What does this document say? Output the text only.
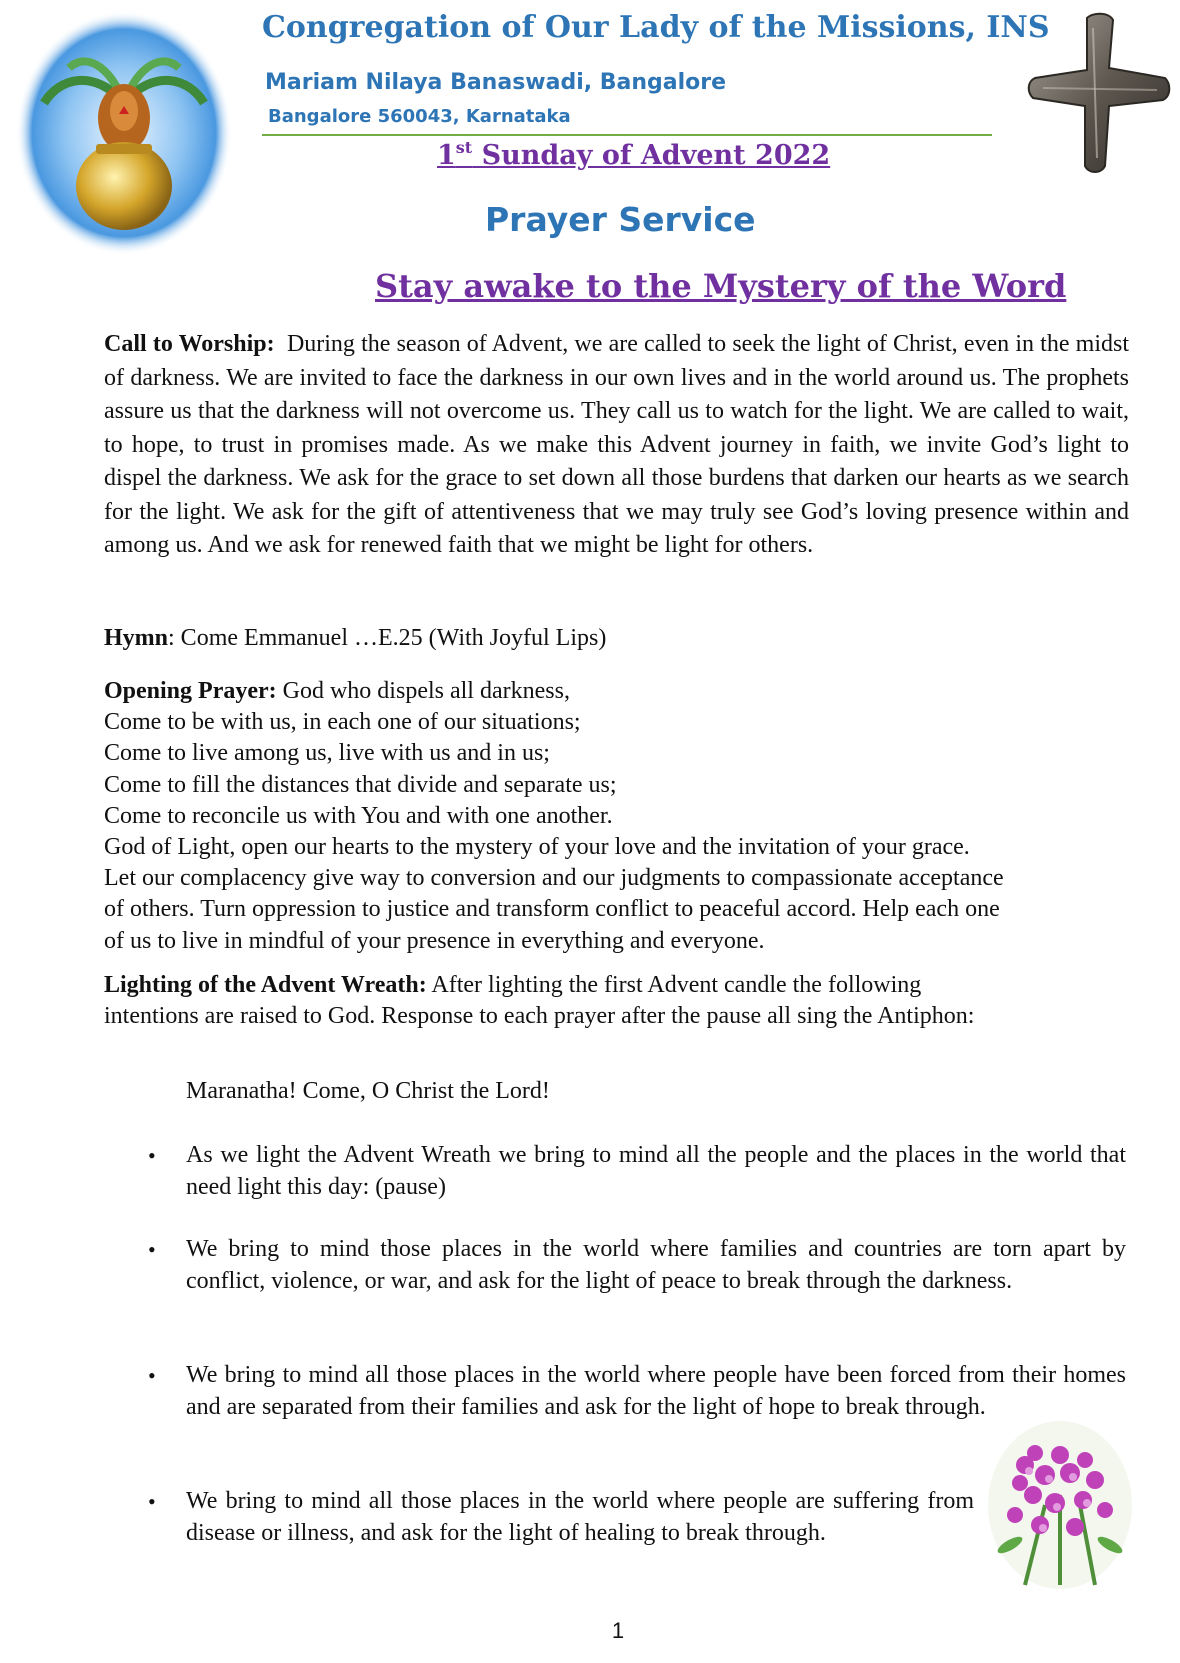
Congregation of Our Lady of the Missions, INS
Mariam Nilaya Banaswadi, Bangalore
Bangalore 560043, Karnataka
1st Sunday of Advent 2022
Prayer Service
Stay awake to the Mystery of the Word
Call to Worship: During the season of Advent, we are called to seek the light of Christ, even in the midst of darkness. We are invited to face the darkness in our own lives and in the world around us. The prophets assure us that the darkness will not overcome us. They call us to watch for the light. We are called to wait, to hope, to trust in promises made. As we make this Advent journey in faith, we invite God’s light to dispel the darkness. We ask for the grace to set down all those burdens that darken our hearts as we search for the light. We ask for the gift of attentiveness that we may truly see God’s loving presence within and among us. And we ask for renewed faith that we might be light for others.
Hymn: Come Emmanuel …E.25 (With Joyful Lips)
Opening Prayer: God who dispels all darkness,
Come to be with us, in each one of our situations;
Come to live among us, live with us and in us;
Come to fill the distances that divide and separate us;
Come to reconcile us with You and with one another.
God of Light, open our hearts to the mystery of your love and the invitation of your grace.
Let our complacency give way to conversion and our judgments to compassionate acceptance
of others. Turn oppression to justice and transform conflict to peaceful accord. Help each one
of us to live in mindful of your presence in everything and everyone.
Lighting of the Advent Wreath: After lighting the first Advent candle the following
intentions are raised to God. Response to each prayer after the pause all sing the Antiphon:
Maranatha! Come, O Christ the Lord!
• As we light the Advent Wreath we bring to mind all the people and the places in the world that need light this day: (pause)
• We bring to mind those places in the world where families and countries are torn apart by conflict, violence, or war, and ask for the light of peace to break through the darkness.
• We bring to mind all those places in the world where people have been forced from their homes and are separated from their families and ask for the light of hope to break through.
• We bring to mind all those places in the world where people are suffering from disease or illness, and ask for the light of healing to break through.
1
